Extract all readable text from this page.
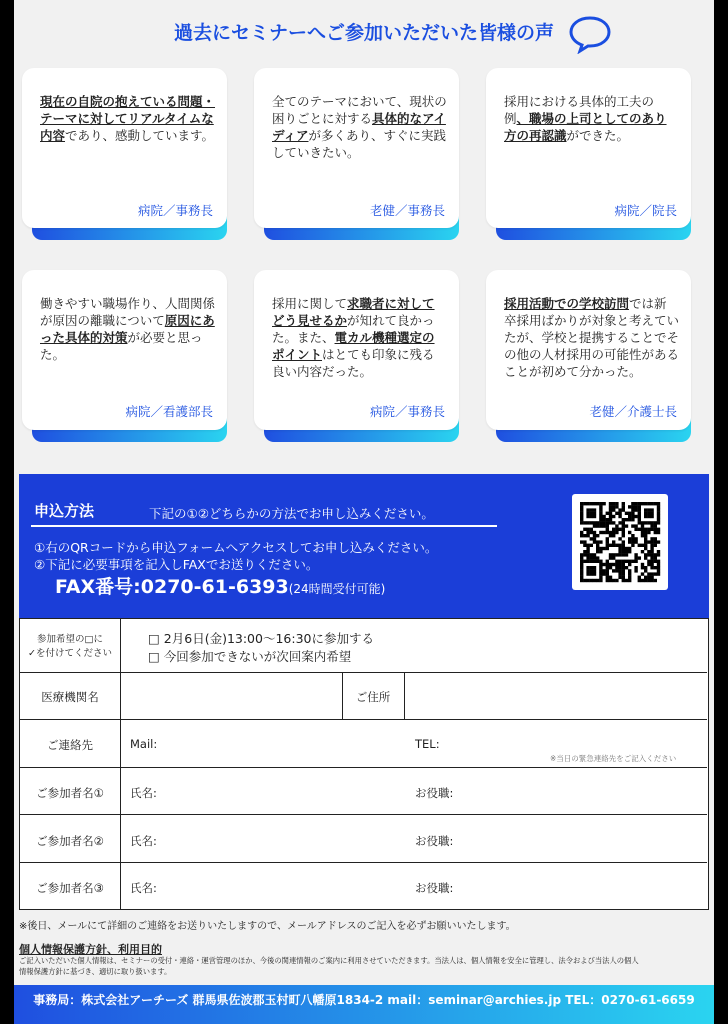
過去にセミナーへご参加いただいた皆様の声
現在の自院の抱えている問題・テーマに対してリアルタイムな内容であり、感動しています。
病院／事務長
全てのテーマにおいて、現状の困りごとに対する具体的なアイディアが多くあり、すぐに実践していきたい。
老健／事務長
採用における具体的工夫の例、職場の上司としてのあり方の再認識ができた。
病院／院長
働きやすい職場作り、人間関係が原因の離職について原因にあった具体的対策が必要と思った。
病院／看護部長
採用に関して求職者に対してどう見せるかが知れて良かった。また、電カル機種選定のポイントはとても印象に残る良い内容だった。
病院／事務長
採用活動での学校訪問では新卒採用ばかりが対象と考えていたが、学校と提携することでその他の人材採用の可能性があることが初めて分かった。
老健／介護士長
申込方法	下記の①②どちらかの方法でお申し込みください。
①右のQRコードから申込フォームへアクセスしてお申し込みください。
②下記に必要事項を記入しFAXでお送りください。
FAX番号:0270-61-6393(24時間受付可能)
参加希望の□に
✓を付けてください
□ 2月6日(金)13:00～16:30に参加する
□ 今回参加できないが次回案内希望
医療機関名	ご住所
ご連絡先	Mail:	TEL:
※当日の緊急連絡先をご記入ください
ご参加者名①	氏名:	お役職:
ご参加者名②	氏名:	お役職:
ご参加者名③	氏名:	お役職:
※後日、メールにて詳細のご連絡をお送りいたしますので、メールアドレスのご記入を必ずお願いいたします。
個人情報保護方針、利用目的
ご記入いただいた個人情報は、セミナーの受付・連絡・運営管理のほか、今後の関連情報のご案内に利用させていただきます。当法人は、個人情報を安全に管理し、法令および当法人の個人
情報保護方針に基づき、適切に取り扱います。
事務局：株式会社アーチーズ 群馬県佐波郡玉村町八幡原1834-2 mail：seminar@archies.jp TEL：0270-61-6659
